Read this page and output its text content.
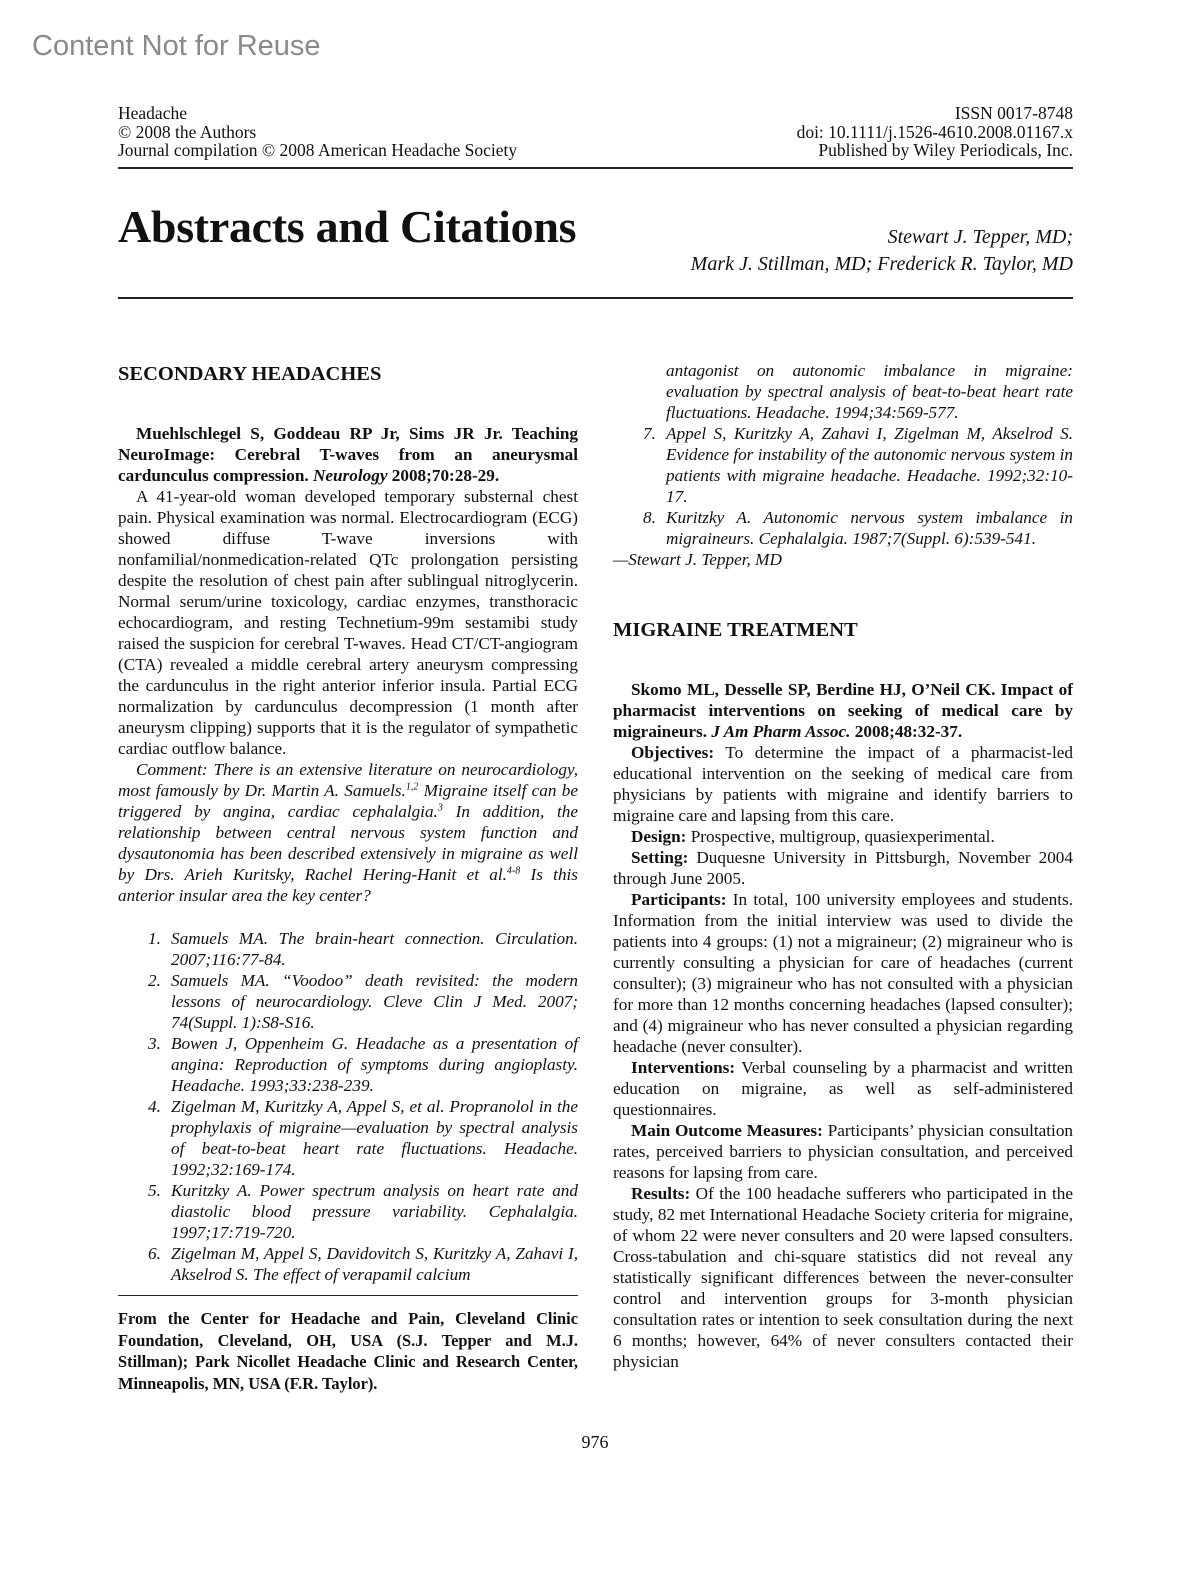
Content Not for Reuse
Headache
© 2008 the Authors
Journal compilation © 2008 American Headache Society
ISSN 0017-8748
doi: 10.1111/j.1526-4610.2008.01167.x
Published by Wiley Periodicals, Inc.
Abstracts and Citations	Stewart J. Tepper, MD;
Mark J. Stillman, MD; Frederick R. Taylor, MD
SECONDARY HEADACHES

Muehlschlegel S, Goddeau RP Jr, Sims JR Jr. Teaching NeuroImage: Cerebral T-waves from an aneurysmal cardunculus compression. Neurology 2008;70:28-29.

A 41-year-old woman developed temporary substernal chest pain. Physical examination was normal. Electrocardiogram (ECG) showed diffuse T-wave inversions with nonfamilial/nonmedication-related QTc prolongation persisting despite the resolution of chest pain after sublingual nitroglycerin. Normal serum/urine toxicology, cardiac enzymes, transthoracic echocardiogram, and resting Technetium-99m sestamibi study raised the suspicion for cerebral T-waves. Head CT/CT-angiogram (CTA) revealed a middle cerebral artery aneurysm compressing the cardunculus in the right anterior inferior insula. Partial ECG normalization by cardunculus decompression (1 month after aneurysm clipping) supports that it is the regulator of sympathetic cardiac outflow balance.

Comment: There is an extensive literature on neurocardiology, most famously by Dr. Martin A. Samuels.$^{1,2}$ Migraine itself can be triggered by angina, cardiac cephalalgia.$^3$ In addition, the relationship between central nervous system function and dysautonomia has been described extensively in migraine as well by Drs. Arieh Kuritsky, Rachel Hering-Hanit et al.$^{4-8}$ Is this anterior insular area the key center?

1. Samuels MA. The brain-heart connection. Circulation. 2007;116:77-84.
2. Samuels MA. “Voodoo” death revisited: the modern lessons of neurocardiology. Cleve Clin J Med. 2007; 74(Suppl. 1):S8-S16.
3. Bowen J, Oppenheim G. Headache as a presentation of angina: Reproduction of symptoms during angioplasty. Headache. 1993;33:238-239.
4. Zigelman M, Kuritzky A, Appel S, et al. Propranolol in the prophylaxis of migraine—evaluation by spectral analysis of beat-to-beat heart rate fluctuations. Headache. 1992;32:169-174.
5. Kuritzky A. Power spectrum analysis on heart rate and diastolic blood pressure variability. Cephalalgia. 1997;17:719-720.
6. Zigelman M, Appel S, Davidovitch S, Kuritzky A, Zahavi I, Akselrod S. The effect of verapamil calcium

From the Center for Headache and Pain, Cleveland Clinic Foundation, Cleveland, OH, USA (S.J. Tepper and M.J. Stillman); Park Nicollet Headache Clinic and Research Center, Minneapolis, MN, USA (F.R. Taylor).

antagonist on autonomic imbalance in migraine: evaluation by spectral analysis of beat-to-beat heart rate fluctuations. Headache. 1994;34:569-577.
7. Appel S, Kuritzky A, Zahavi I, Zigelman M, Akselrod S. Evidence for instability of the autonomic nervous system in patients with migraine headache. Headache. 1992;32:10-17.
8. Kuritzky A. Autonomic nervous system imbalance in migraineurs. Cephalalgia. 1987;7(Suppl. 6):539-541.

—Stewart J. Tepper, MD

MIGRAINE TREATMENT

Skomo ML, Desselle SP, Berdine HJ, O’Neil CK. Impact of pharmacist interventions on seeking of medical care by migraineurs. J Am Pharm Assoc. 2008;48:32-37.

Objectives: To determine the impact of a pharmacist-led educational intervention on the seeking of medical care from physicians by patients with migraine and identify barriers to migraine care and lapsing from this care.

Design: Prospective, multigroup, quasiexperimental.

Setting: Duquesne University in Pittsburgh, November 2004 through June 2005.

Participants: In total, 100 university employees and students. Information from the initial interview was used to divide the patients into 4 groups: (1) not a migraineur; (2) migraineur who is currently consulting a physician for care of headaches (current consulter); (3) migraineur who has not consulted with a physician for more than 12 months concerning headaches (lapsed consulter); and (4) migraineur who has never consulted a physician regarding headache (never consulter).

Interventions: Verbal counseling by a pharmacist and written education on migraine, as well as self-administered questionnaires.

Main Outcome Measures: Participants’ physician consultation rates, perceived barriers to physician consultation, and perceived reasons for lapsing from care.

Results: Of the 100 headache sufferers who participated in the study, 82 met International Headache Society criteria for migraine, of whom 22 were never consulters and 20 were lapsed consulters. Cross-tabulation and chi-square statistics did not reveal any statistically significant differences between the never-consulter control and intervention groups for 3-month physician consultation rates or intention to seek consultation during the next 6 months; however, 64% of never consulters contacted their physician

976
